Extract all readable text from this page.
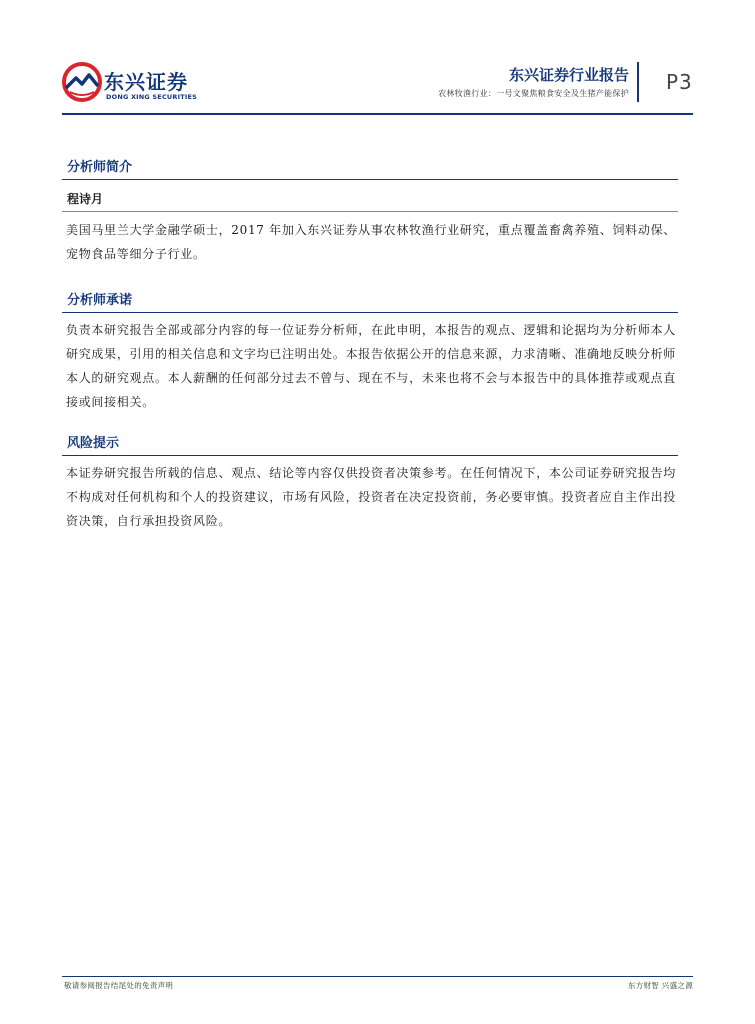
东兴证券
DONG XING SECURITIES
东兴证券行业报告
农林牧渔行业：一号文聚焦粮食安全及生猪产能保护 P3
分析师简介
程诗月
美国马里兰大学金融学硕士，2017 年加入东兴证券从事农林牧渔行业研究，重点覆盖畜禽养殖、饲料动保、宠物食品等细分子行业。
分析师承诺
负责本研究报告全部或部分内容的每一位证券分析师，在此申明，本报告的观点、逻辑和论据均为分析师本人研究成果，引用的相关信息和文字均已注明出处。本报告依据公开的信息来源，力求清晰、准确地反映分析师本人的研究观点。本人薪酬的任何部分过去不曾与、现在不与，未来也将不会与本报告中的具体推荐或观点直接或间接相关。
风险提示
本证券研究报告所载的信息、观点、结论等内容仅供投资者决策参考。在任何情况下，本公司证券研究报告均不构成对任何机构和个人的投资建议，市场有风险，投资者在决定投资前，务必要审慎。投资者应自主作出投资决策，自行承担投资风险。
敬请参阅报告结尾处的免责声明	东方财智 兴盛之源
